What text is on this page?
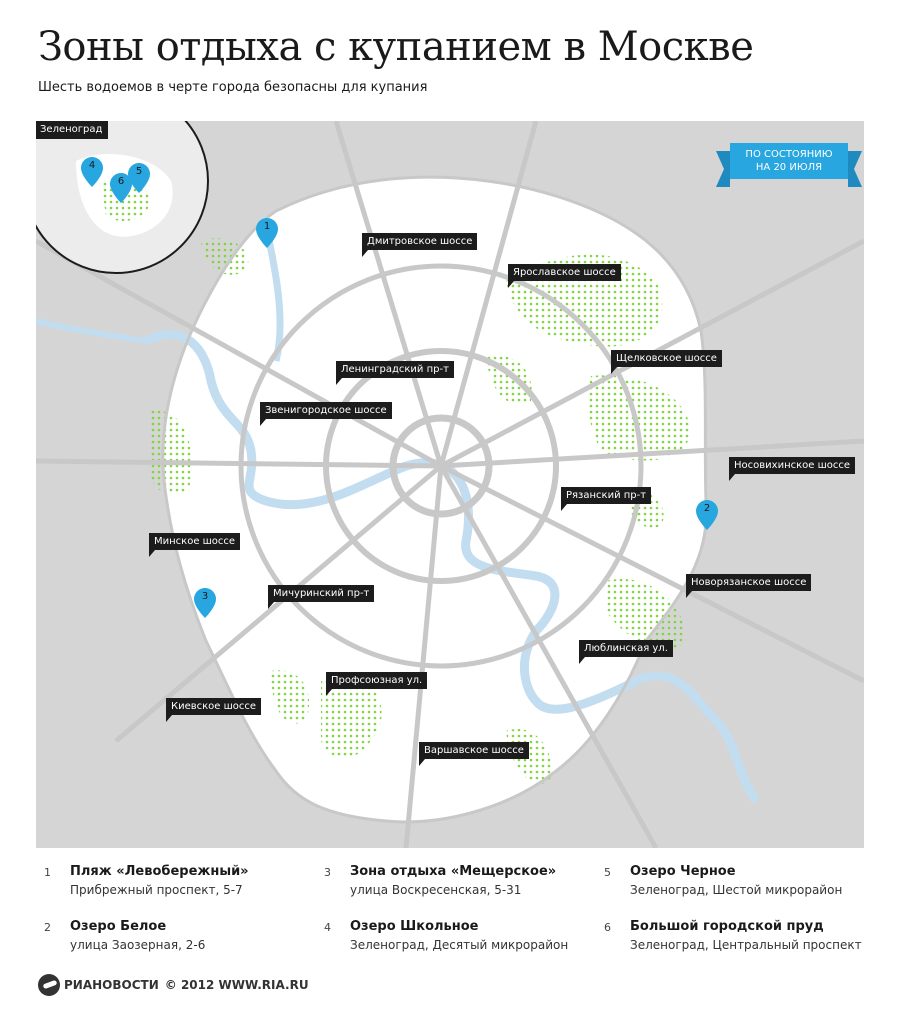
Зоны отдыха с купанием в Москве
Шесть водоемов в черте города безопасны для купания
Зеленоград
ПО СОСТОЯНИЮ
НА 20 ИЮЛЯ
Дмитровское шоссе
Ярославское шоссе
Щелковское шоссе
Ленинградский пр-т
Звенигородское шоссе
Носовихинское шоссе
Рязанский пр-т
Минское шоссе
Новорязанское шоссе
Мичуринский пр-т
Люблинская ул.
Профсоюзная ул.
Киевское шоссе
Варшавское шоссе
1
2
3
4
5
6
1 Пляж «Левобережный»
Прибрежный проспект, 5-7
2 Озеро Белое
улица Заозерная, 2-6
3 Зона отдыха «Мещерское»
улица Воскресенская, 5-31
4 Озеро Школьное
Зеленоград, Десятый микрорайон
5 Озеро Черное
Зеленоград, Шестой микрорайон
6 Большой городской пруд
Зеленоград, Центральный проспект
РИАНОВОСТИ © 2012 WWW.RIA.RU
